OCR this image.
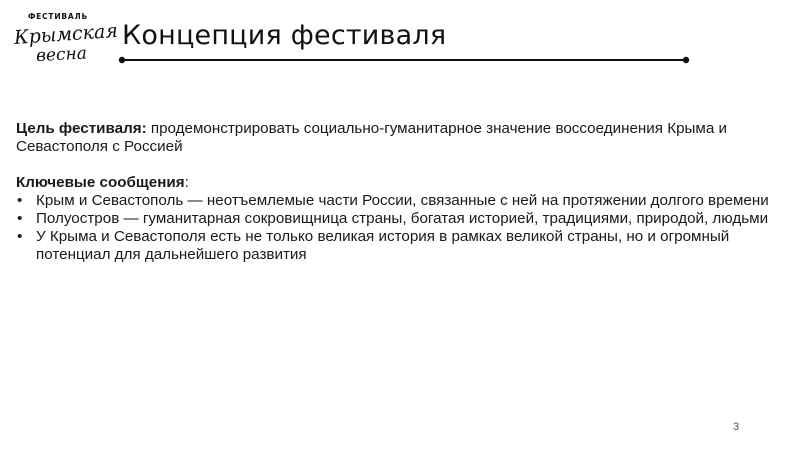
ФЕСТИВАЛЬ
Крымская
весна
Концепция фестиваля

Цель фестиваля: продемонстрировать социально-гуманитарное значение воссоединения Крыма и Севастополя с Россией

Ключевые сообщения:

• Крым и Севастополь — неотъемлемые части России, связанные с ней на протяжении долгого времени
• Полуостров — гуманитарная сокровищница страны, богатая историей, традициями, природой, людьми
• У Крыма и Севастополя есть не только великая история в рамках великой страны, но и огромный потенциал для дальнейшего развития
3
